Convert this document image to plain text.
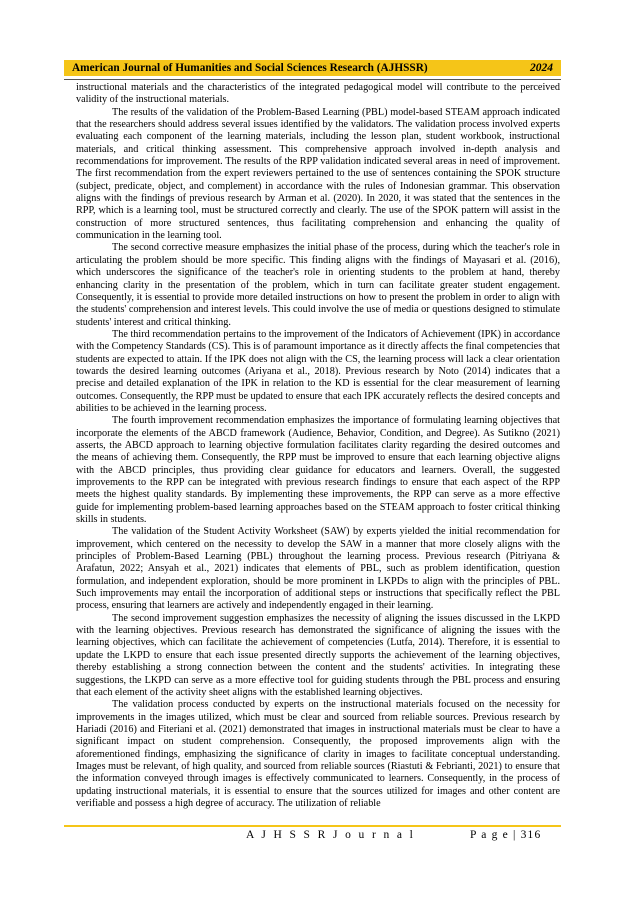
American Journal of Humanities and Social Sciences Research (AJHSSR)	2024

instructional materials and the characteristics of the integrated pedagogical model will contribute to the perceived validity of the instructional materials.

The results of the validation of the Problem-Based Learning (PBL) model-based STEAM approach indicated that the researchers should address several issues identified by the validators. The validation process involved experts evaluating each component of the learning materials, including the lesson plan, student workbook, instructional materials, and critical thinking assessment. This comprehensive approach involved in-depth analysis and recommendations for improvement. The results of the RPP validation indicated several areas in need of improvement. The first recommendation from the expert reviewers pertained to the use of sentences containing the SPOK structure (subject, predicate, object, and complement) in accordance with the rules of Indonesian grammar. This observation aligns with the findings of previous research by Arman et al. (2020). In 2020, it was stated that the sentences in the RPP, which is a learning tool, must be structured correctly and clearly. The use of the SPOK pattern will assist in the construction of more structured sentences, thus facilitating comprehension and enhancing the quality of communication in the learning tool.

The second corrective measure emphasizes the initial phase of the process, during which the teacher's role in articulating the problem should be more specific. This finding aligns with the findings of Mayasari et al. (2016), which underscores the significance of the teacher's role in orienting students to the problem at hand, thereby enhancing clarity in the presentation of the problem, which in turn can facilitate greater student engagement. Consequently, it is essential to provide more detailed instructions on how to present the problem in order to align with the students' comprehension and interest levels. This could involve the use of media or questions designed to stimulate students' interest and critical thinking.

The third recommendation pertains to the improvement of the Indicators of Achievement (IPK) in accordance with the Competency Standards (CS). This is of paramount importance as it directly affects the final competencies that students are expected to attain. If the IPK does not align with the CS, the learning process will lack a clear orientation towards the desired learning outcomes (Ariyana et al., 2018). Previous research by Noto (2014) indicates that a precise and detailed explanation of the IPK in relation to the KD is essential for the clear measurement of learning outcomes. Consequently, the RPP must be updated to ensure that each IPK accurately reflects the desired concepts and abilities to be achieved in the learning process.

The fourth improvement recommendation emphasizes the importance of formulating learning objectives that incorporate the elements of the ABCD framework (Audience, Behavior, Condition, and Degree). As Sutikno (2021) asserts, the ABCD approach to learning objective formulation facilitates clarity regarding the desired outcomes and the means of achieving them. Consequently, the RPP must be improved to ensure that each learning objective aligns with the ABCD principles, thus providing clear guidance for educators and learners. Overall, the suggested improvements to the RPP can be integrated with previous research findings to ensure that each aspect of the RPP meets the highest quality standards. By implementing these improvements, the RPP can serve as a more effective guide for implementing problem-based learning approaches based on the STEAM approach to foster critical thinking skills in students.

The validation of the Student Activity Worksheet (SAW) by experts yielded the initial recommendation for improvement, which centered on the necessity to develop the SAW in a manner that more closely aligns with the principles of Problem-Based Learning (PBL) throughout the learning process. Previous research (Pitriyana & Arafatun, 2022; Ansyah et al., 2021) indicates that elements of PBL, such as problem identification, question formulation, and independent exploration, should be more prominent in LKPDs to align with the principles of PBL. Such improvements may entail the incorporation of additional steps or instructions that specifically reflect the PBL process, ensuring that learners are actively and independently engaged in their learning.

The second improvement suggestion emphasizes the necessity of aligning the issues discussed in the LKPD with the learning objectives. Previous research has demonstrated the significance of aligning the issues with the learning objectives, which can facilitate the achievement of competencies (Lutfa, 2014). Therefore, it is essential to update the LKPD to ensure that each issue presented directly supports the achievement of the learning objectives, thereby establishing a strong connection between the content and the students' activities. In integrating these suggestions, the LKPD can serve as a more effective tool for guiding students through the PBL process and ensuring that each element of the activity sheet aligns with the established learning objectives.

The validation process conducted by experts on the instructional materials focused on the necessity for improvements in the images utilized, which must be clear and sourced from reliable sources. Previous research by Hariadi (2016) and Fiteriani et al. (2021) demonstrated that images in instructional materials must be clear to have a significant impact on student comprehension. Consequently, the proposed improvements align with the aforementioned findings, emphasizing the significance of clarity in images to facilitate conceptual understanding. Images must be relevant, of high quality, and sourced from reliable sources (Riastuti & Febrianti, 2021) to ensure that the information conveyed through images is effectively communicated to learners. Consequently, in the process of updating instructional materials, it is essential to ensure that the sources utilized for images and other content are verifiable and possess a high degree of accuracy. The utilization of reliable

A J H S S R J o u r n a l	P a g e | 316
